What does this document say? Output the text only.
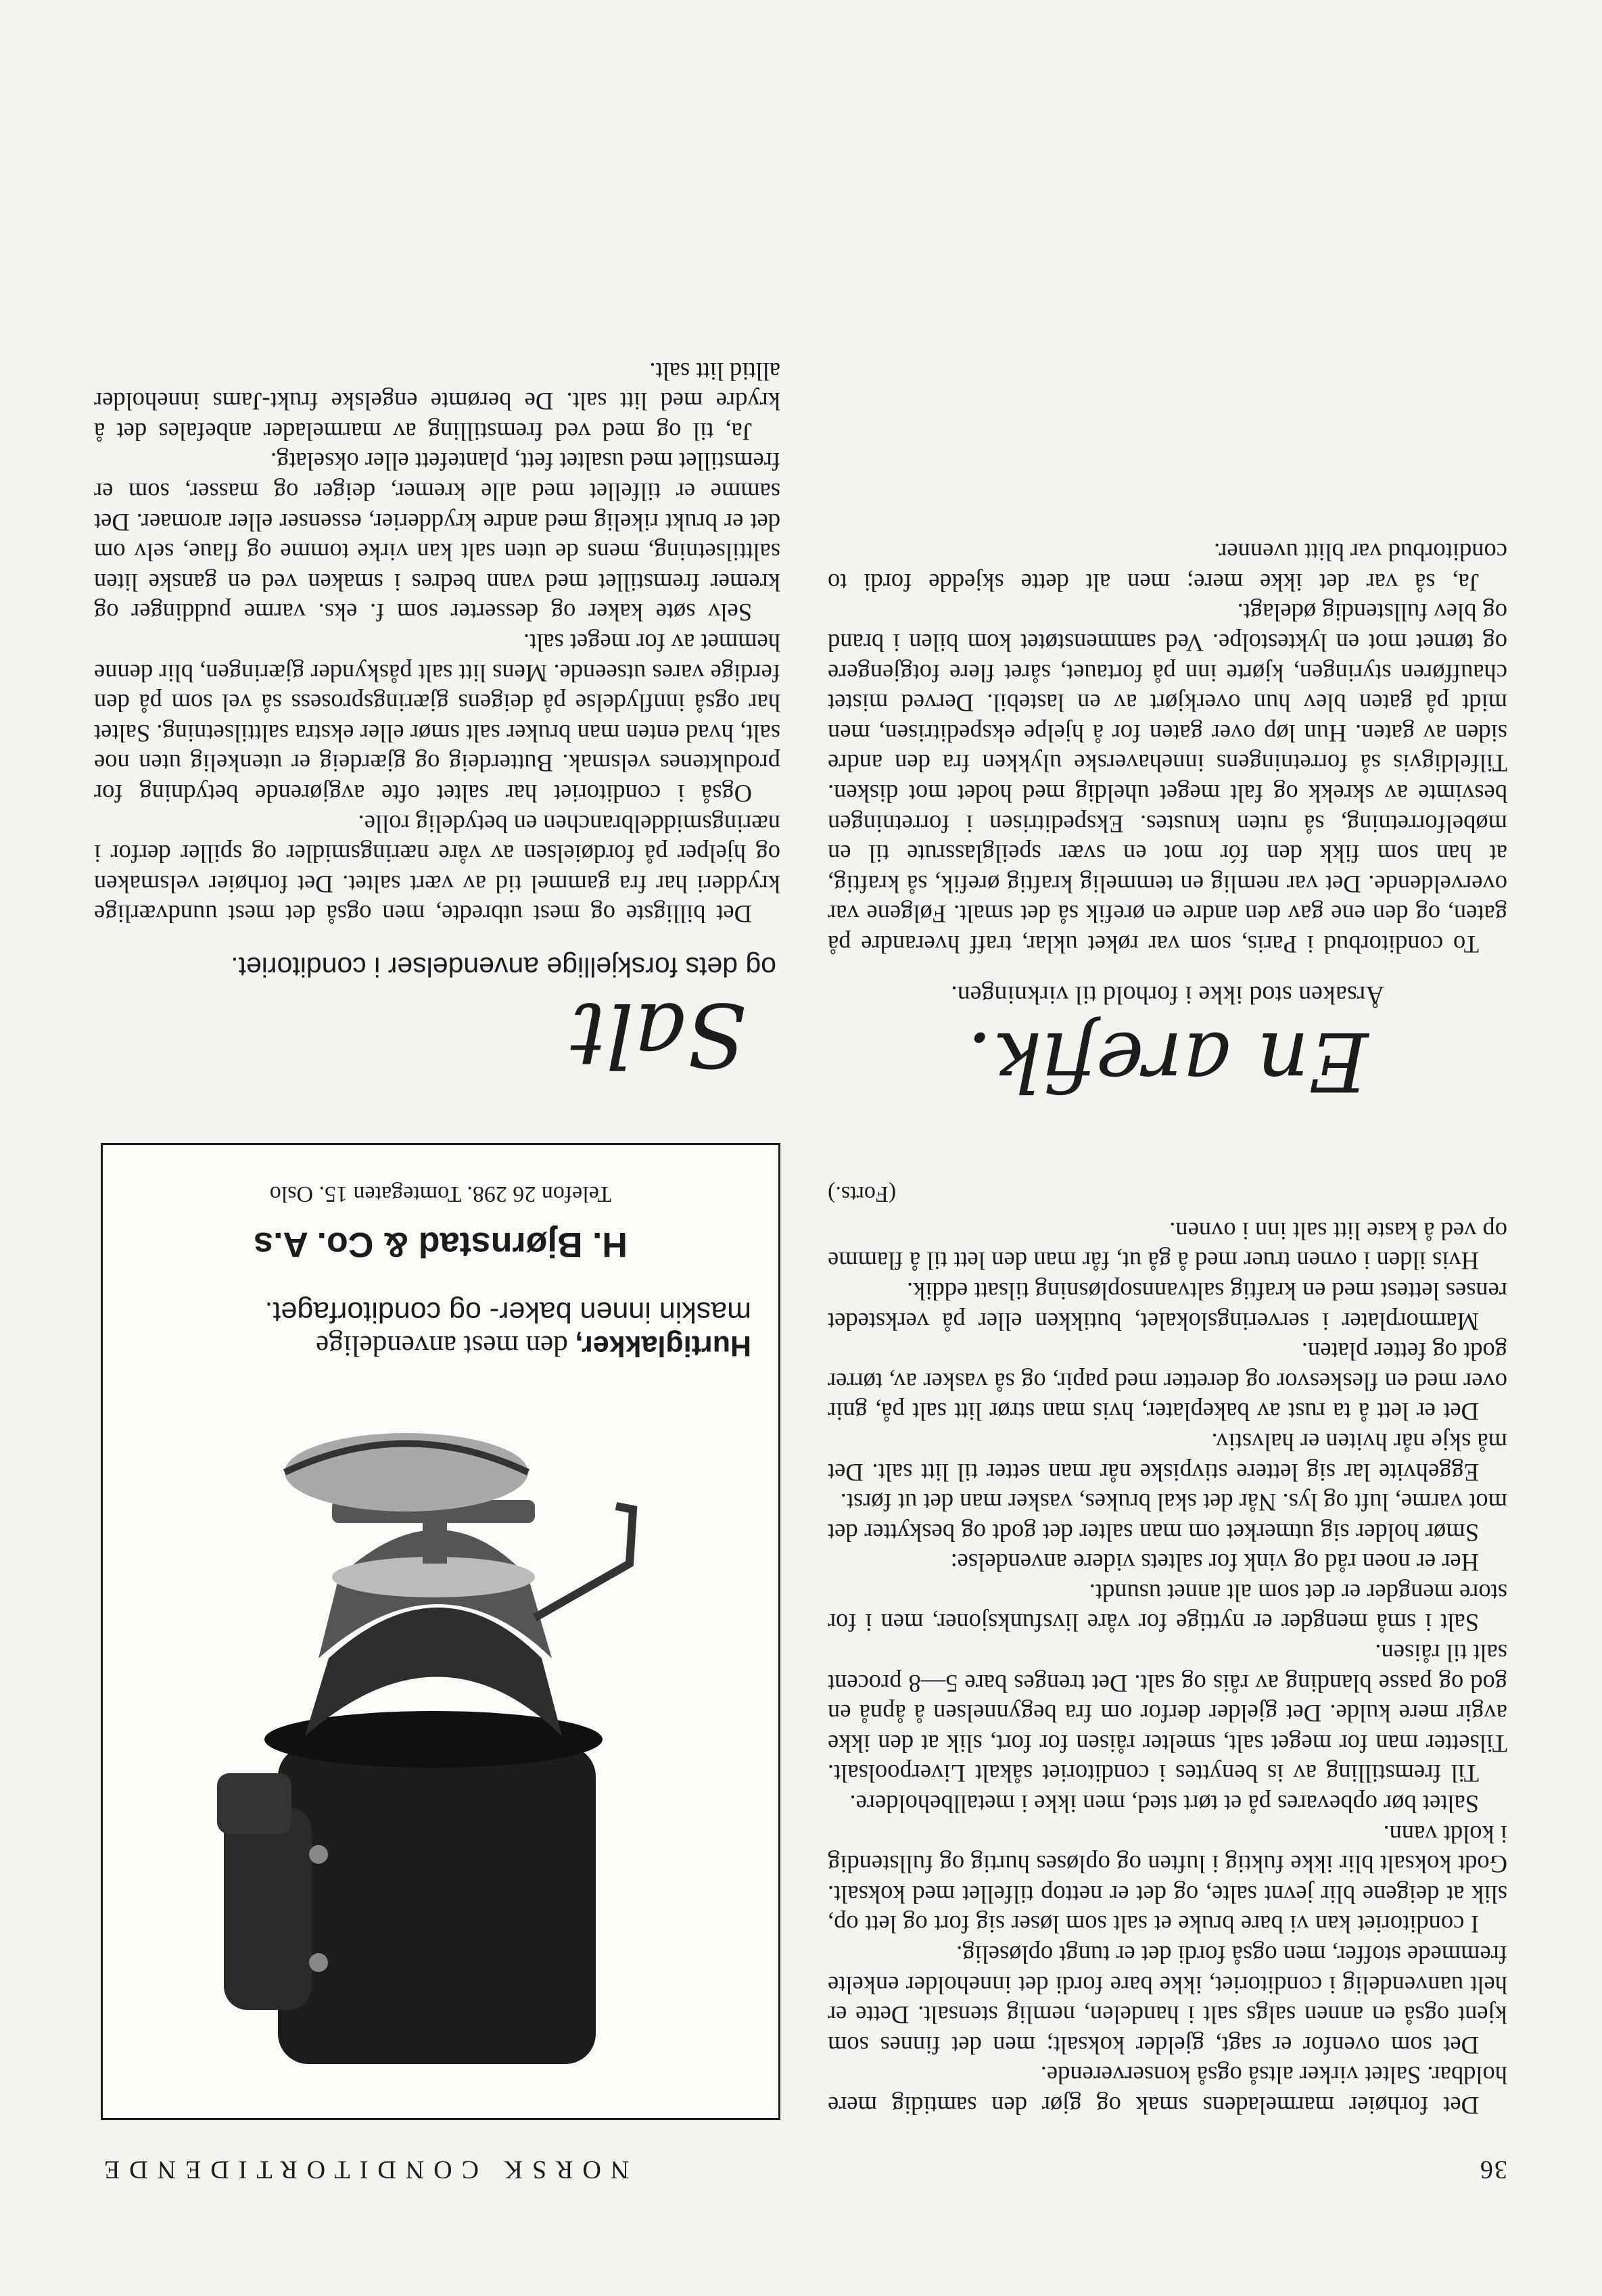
36
NORSK CONDITORTIDENDE

Det forhøier marmeladens smak og gjør den samtidig mere holdbar. Saltet virker altså også konserverende.

Det som ovenfor er sagt, gjelder koksalt; men det finnes som kjent også en annen salgs salt i handelen, nemlig stensalt. Dette er helt uanvendelig i conditoriet, ikke bare fordi det inneholder enkelte fremmede stoffer, men også fordi det er tungt opløselig.

I conditoriet kan vi bare bruke et salt som løser sig fort og lett op, slik at deigene blir jevnt salte, og det er nettop tilfellet med koksalt. Godt koksalt blir ikke fuktig i luften og opløses hurtig og fullstendig i koldt vann.

Saltet bør opbevares på et tørt sted, men ikke i metallbeholdere.

Til fremstilling av is benyttes i conditoriet såkalt Liverpoolsalt. Tilsetter man for meget salt, smelter råisen for fort, slik at den ikke avgir mere kulde. Det gjelder derfor om fra begynnelsen å åpnå en god og passe blanding av råis og salt. Det trenges bare 5—8 procent salt til råisen.

Salt i små mengder er nyttige for våre livsfunksjoner, men i for store mengder er det som alt annet usundt.

Her er noen råd og vink for saltets videre anvendelse:

Smør holder sig utmerket om man salter det godt og beskytter det mot varme, luft og lys. Når det skal brukes, vasker man det ut først.

Eggehvite lar sig lettere stivpiske når man setter til litt salt. Det må skje når hviten er halvstiv.

Det er lett å ta rust av bakeplater, hvis man strør litt salt på, gnir over med en fleskesvor og deretter med papir, og så vasker av, tørrer godt og fetter platen.

Marmorplater i serveringslokalet, butikken eller på verkstedet renses lettest med en kraftig saltvannsopløsning tilsatt eddik.

Hvis ilden i ovnen truer med å gå ut, får man den lett til å flamme op ved å kaste litt salt inn i ovnen.

(Forts.)
En arefik.
Årsaken stod ikke i forhold til virkningen.

To conditorbud i Paris, som var røket uklar, traff hverandre på gaten, og den ene gav den andre en ørefik så det smalt. Følgene var overveldende. Det var nemlig en temmelig kraftig ørefik, så kraftig, at han som fikk den fór mot en svær speilglassrute til en møbelforretning, så ruten knustes. Ekspeditrisen i forretningen besvimte av skrekk og falt meget uheldig med hodet mot disken. Tilfeldigvis så forretningens innehaverske ulykken fra den andre siden av gaten. Hun løp over gaten for å hjelpe ekspeditrisen, men midt på gaten blev hun overkjørt av en lastebil. Derved mistet chaufføren styringen, kjørte inn på fortauet, såret flere fotgjengere og tørnet mot en lyktestolpe. Ved sammenstøtet kom bilen i brand og blev fullstendig ødelagt.

Ja, så var det ikke mere; men alt dette skjedde fordi to conditorbud var blitt uvenner.

Hurtiglakker, den mest anvendelige
maskin innen baker- og conditorfaget.
H. Bjørnstad & Co. A.s
Telefon 26 298. Tomtegaten 15. Oslo
Salt
og dets forskjellige anvendelser i conditoriet.

Det billigste og mest utbredte, men også det mest uundværlige krydderi har fra gammel tid av vært saltet. Det forhøier velsmaken og hjelper på fordøielsen av våre næringsmidler og spiller derfor i næringsmiddelbranchen en betydelig rolle.

Også i conditoriet har saltet ofte avgjørende betydning for produktenes velsmak. Butterdeig og gjærdeig er utenkelig uten noe salt, hvad enten man bruker salt smør eller ekstra salttilsetning. Saltet har også innflydelse på deigens gjæringsprosess så vel som på den ferdige vares utseende. Mens litt salt påskynder gjæringen, blir denne hemmet av for meget salt.

Selv søte kaker og desserter som f. eks. varme puddinger og kremer fremstillet med vann bedres i smaken ved en ganske liten salttilsetning, mens de uten salt kan virke tomme og flaue, selv om det er brukt rikelig med andre krydderier, essenser eller aromaer. Det samme er tilfellet med alle kremer, deiger og masser, som er fremstillet med usaltet fett, plantefett eller okselatg.

Ja, til og med ved fremstilling av marmelader anbefales det å krydre med litt salt. De berømte engelske frukt-Jams inneholder alltid litt salt.
